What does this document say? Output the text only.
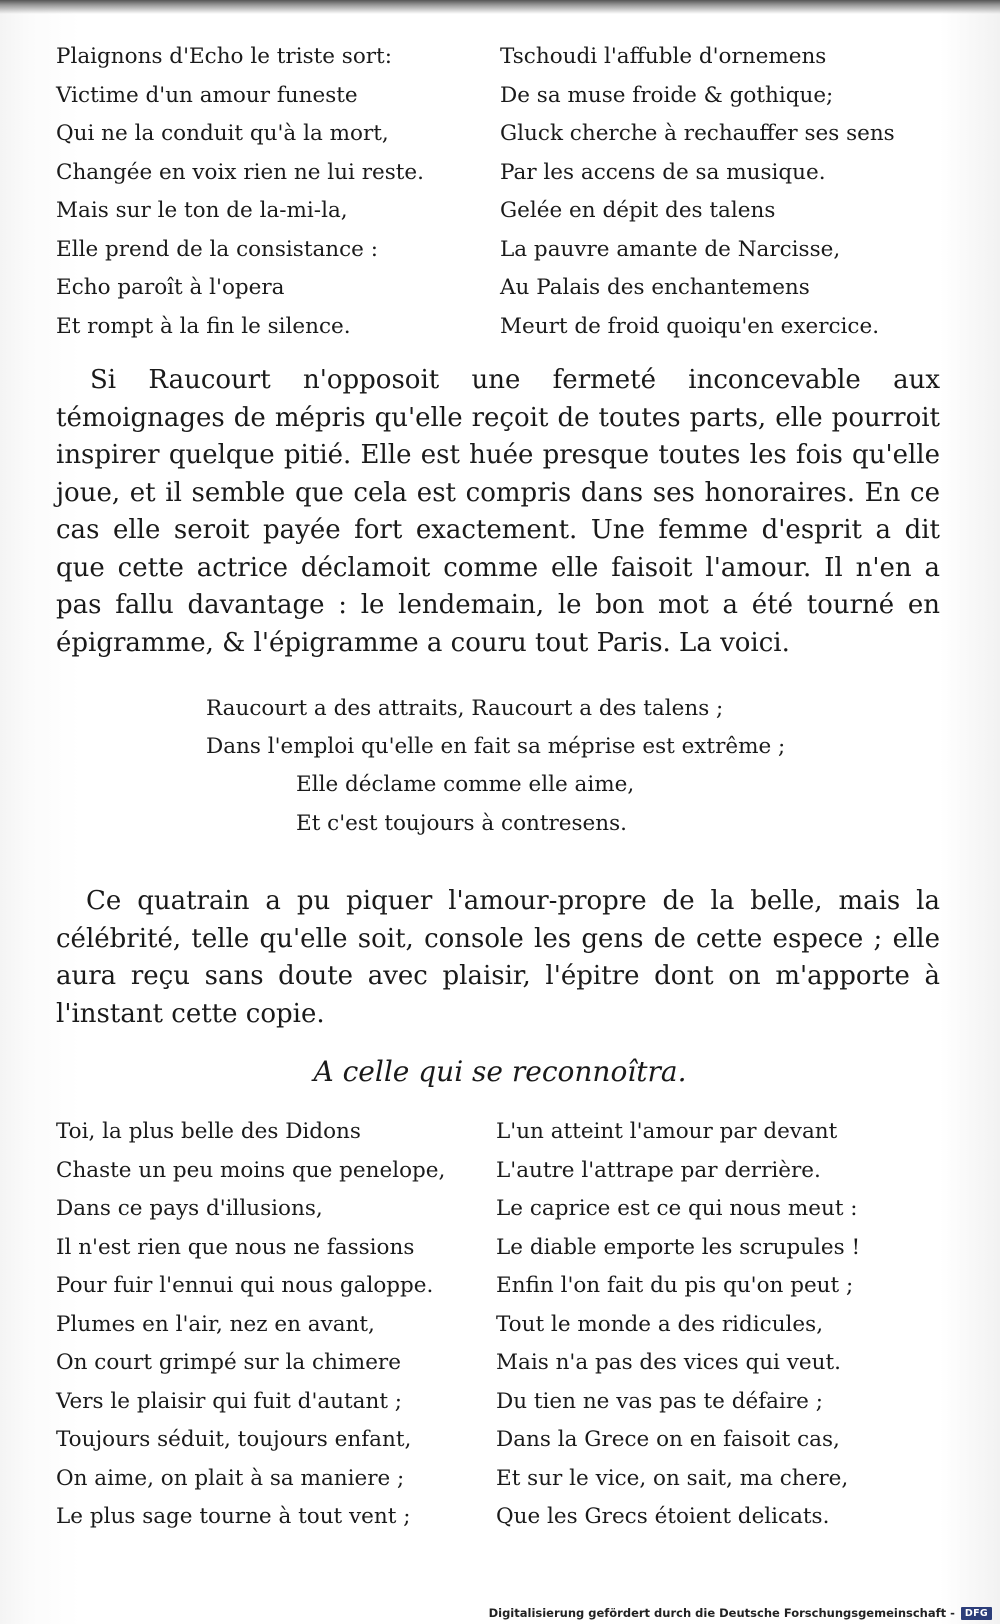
Plaignons d'Echo le triste sort:
Victime d'un amour funeste
Qui ne la conduit qu'à la mort,
Changée en voix rien ne lui reste.
Mais sur le ton de la-mi-la,
Elle prend de la consistance :
Echo paroît à l'opera
Et rompt à la fin le silence.
Tschoudi l'affuble d'ornemens
De sa muse froide & gothique;
Gluck cherche à rechauffer ses sens
Par les accens de sa musique.
Gelée en dépit des talens
La pauvre amante de Narcisse,
Au Palais des enchantemens
Meurt de froid quoiqu'en exercice.

Si Raucourt n'opposoit une fermeté inconcevable aux témoignages de mépris qu'elle reçoit de toutes parts, elle pourroit inspirer quelque pitié. Elle est huée presque toutes les fois qu'elle joue, et il semble que cela est compris dans ses honoraires. En ce cas elle seroit payée fort exactement. Une femme d'esprit a dit que cette actrice déclamoit comme elle faisoit l'amour. Il n'en a pas fallu davantage : le lendemain, le bon mot a été tourné en épigramme, & l'épigramme a couru tout Paris. La voici.

Raucourt a des attraits, Raucourt a des talens ;
Dans l'emploi qu'elle en fait sa méprise est extrême ;
Elle déclame comme elle aime,
Et c'est toujours à contresens.

Ce quatrain a pu piquer l'amour-propre de la belle, mais la célébrité, telle qu'elle soit, console les gens de cette espece ; elle aura reçu sans doute avec plaisir, l'épitre dont on m'apporte à l'instant cette copie.

A celle qui se reconnoîtra.
Toi, la plus belle des Didons
Chaste un peu moins que penelope,
Dans ce pays d'illusions,
Il n'est rien que nous ne fassions
Pour fuir l'ennui qui nous galoppe.
Plumes en l'air, nez en avant,
On court grimpé sur la chimere
Vers le plaisir qui fuit d'autant ;
Toujours séduit, toujours enfant,
On aime, on plait à sa maniere ;
Le plus sage tourne à tout vent ;
L'un atteint l'amour par devant
L'autre l'attrape par derrière.
Le caprice est ce qui nous meut :
Le diable emporte les scrupules !
Enfin l'on fait du pis qu'on peut ;
Tout le monde a des ridicules,
Mais n'a pas des vices qui veut.
Du tien ne vas pas te défaire ;
Dans la Grece on en faisoit cas,
Et sur le vice, on sait, ma chere,
Que les Grecs étoient delicats.
Digitalisierung gefördert durch die Deutsche Forschungsgemeinschaft -	DFG
